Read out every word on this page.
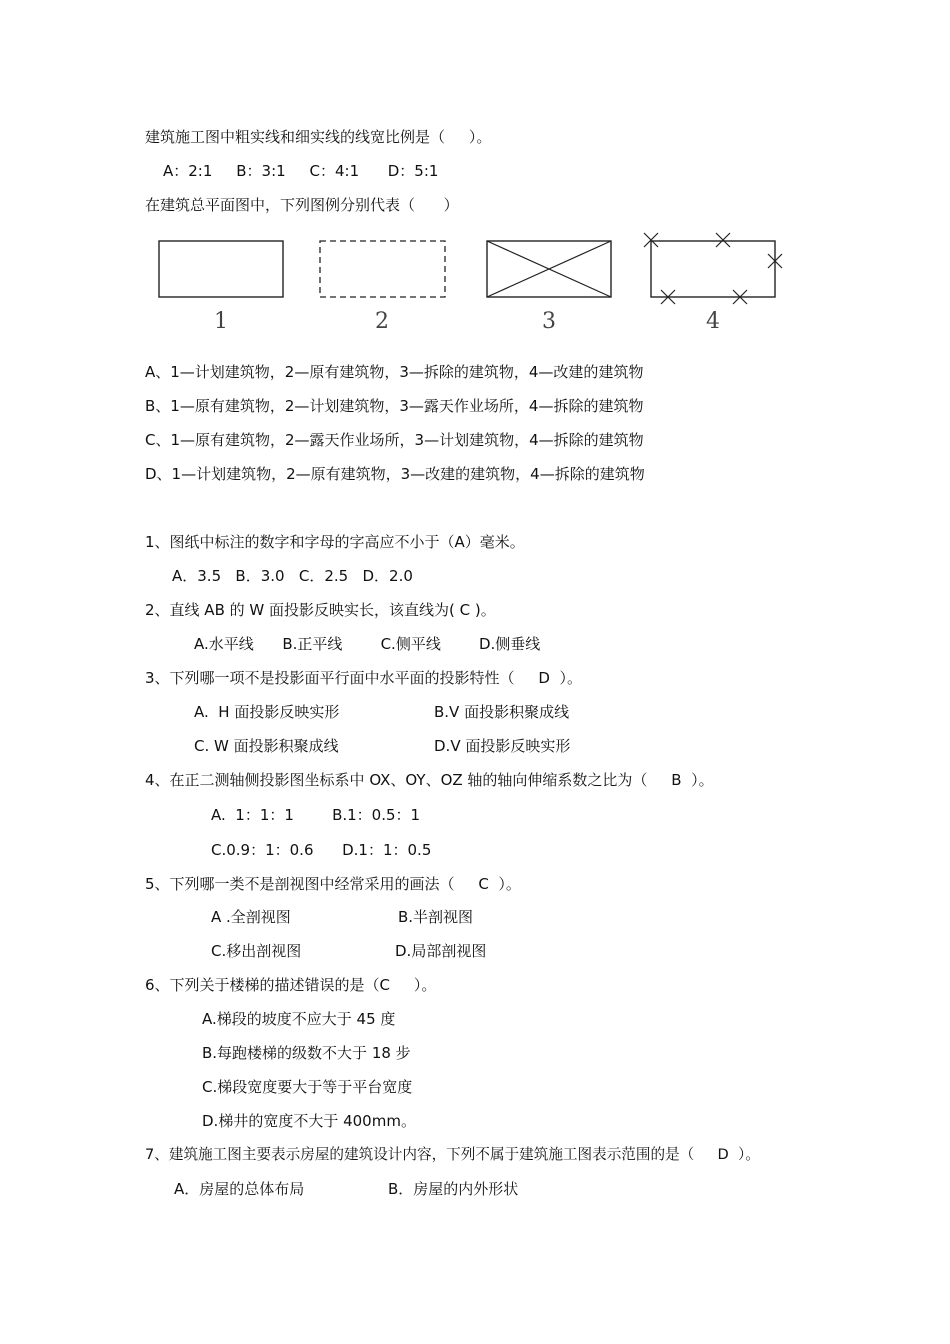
建筑施工图中粗实线和细实线的线宽比例是（     ）。
A：2:1     B：3:1     C：4:1      D：5:1
在建筑总平面图中，下列图例分别代表（      ）
1	2	3	4
A、1—计划建筑物，2—原有建筑物，3—拆除的建筑物，4—改建的建筑物
B、1—原有建筑物，2—计划建筑物，3—露天作业场所，4—拆除的建筑物
C、1—原有建筑物，2—露天作业场所，3—计划建筑物，4—拆除的建筑物
D、1—计划建筑物，2—原有建筑物，3—改建的建筑物，4—拆除的建筑物
1、图纸中标注的数字和字母的字高应不小于（A）毫米。
A．3.5   B．3.0   C．2.5   D．2.0
2、直线 AB 的 W 面投影反映实长，该直线为( C )。
A.水平线      B.正平线        C.侧平线        D.侧垂线
3、下列哪一项不是投影面平行面中水平面的投影特性（     D  ）。
A.  H 面投影反映实形	B.V 面投影积聚成线
C. W 面投影积聚成线	D.V 面投影反映实形
4、在正二测轴侧投影图坐标系中 OX、OY、OZ 轴的轴向伸缩系数之比为（     B  ）。
A.  1：1：1        B.1：0.5：1
C.0.9：1：0.6      D.1：1：0.5
5、下列哪一类不是剖视图中经常采用的画法（     C  ）。
A .全剖视图	B.半剖视图
C.移出剖视图	D.局部剖视图
6、下列关于楼梯的描述错误的是（C     ）。
A.梯段的坡度不应大于 45 度
B.每跑楼梯的级数不大于 18 步
C.梯段宽度要大于等于平台宽度
D.梯井的宽度不大于 400mm。
7、建筑施工图主要表示房屋的建筑设计内容，下列不属于建筑施工图表示范围的是（     D  ）。
A．房屋的总体布局	B．房屋的内外形状
